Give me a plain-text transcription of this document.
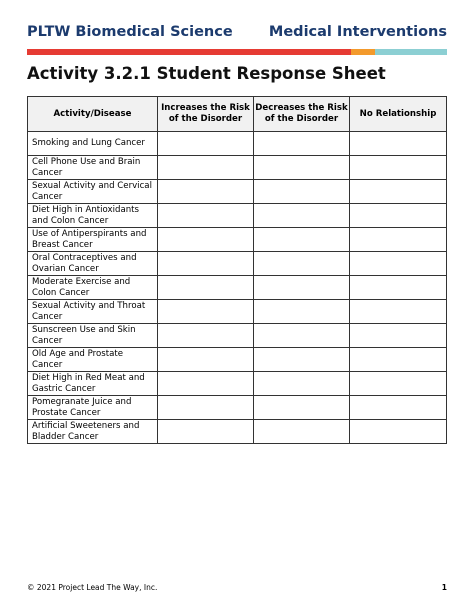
PLTW Biomedical Science	Medical Interventions
Activity 3.2.1 Student Response Sheet
Activity/Disease	Increases the Risk of the Disorder	Decreases the Risk of the Disorder	No Relationship
Smoking and Lung Cancer			
Cell Phone Use and Brain Cancer			
Sexual Activity and Cervical Cancer			
Diet High in Antioxidants and Colon Cancer			
Use of Antiperspirants and Breast Cancer			
Oral Contraceptives and Ovarian Cancer			
Moderate Exercise and Colon Cancer			
Sexual Activity and Throat Cancer			
Sunscreen Use and Skin Cancer			
Old Age and Prostate Cancer			
Diet High in Red Meat and Gastric Cancer			
Pomegranate Juice and Prostate Cancer			
Artificial Sweeteners and Bladder Cancer			
© 2021 Project Lead The Way, Inc.	1
